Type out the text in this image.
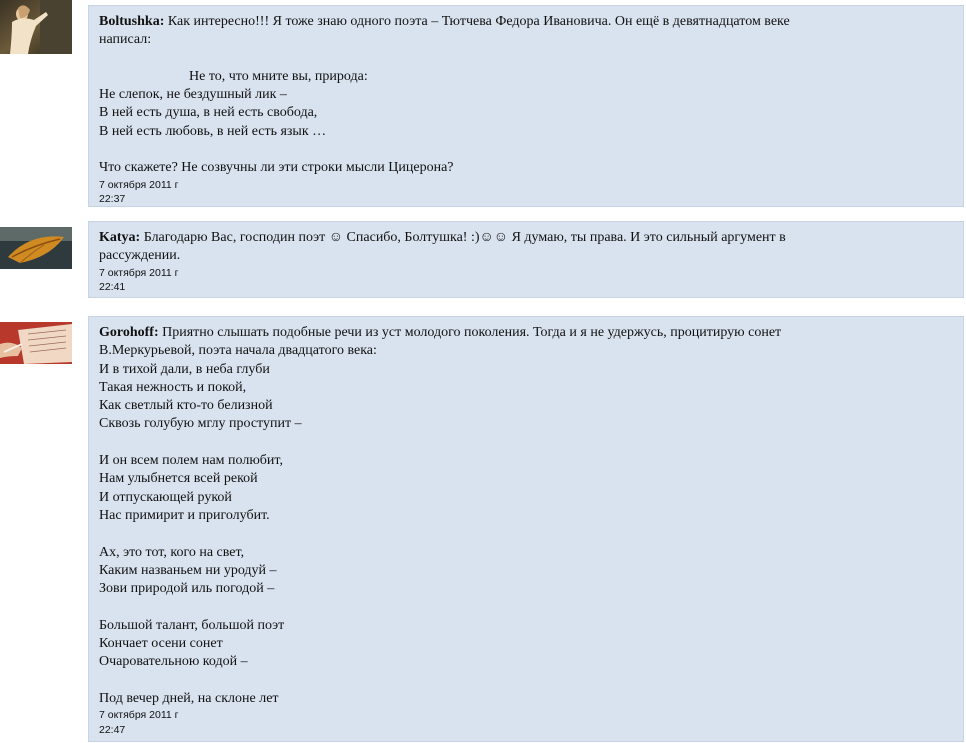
Boltushka: Как интересно!!! Я тоже знаю одного поэта – Тютчева Федора Ивановича. Он ещё в девятнадцатом веке
написал:
Не то, что мните вы, природа:
Не слепок, не бездушный лик –
В ней есть душа, в ней есть свобода,
В ней есть любовь, в ней есть язык …
Что скажете? Не созвучны ли эти строки мысли Цицерона?
7 октября 2011 г
22:37
Katya: Благодарю Вас, господин поэт ☺ Спасибо, Болтушка! :)☺☺ Я думаю, ты права. И это сильный аргумент в
рассуждении.
7 октября 2011 г
22:41
Gorohoff: Приятно слышать подобные речи из уст молодого поколения. Тогда и я не удержусь, процитирую сонет
В.Меркурьевой, поэта начала двадцатого века:
И в тихой дали, в неба глуби
Такая нежность и покой,
Как светлый кто-то белизной
Сквозь голубую мглу проступит –
И он всем полем нам полюбит,
Нам улыбнется всей рекой
И отпускающей рукой
Нас примирит и приголубит.
Ах, это тот, кого на свет,
Каким названьем ни уродуй –
Зови природой иль погодой –
Большой талант, большой поэт
Кончает осени сонет
Очаровательною кодой –
Под вечер дней, на склоне лет
7 октября 2011 г
22:47
